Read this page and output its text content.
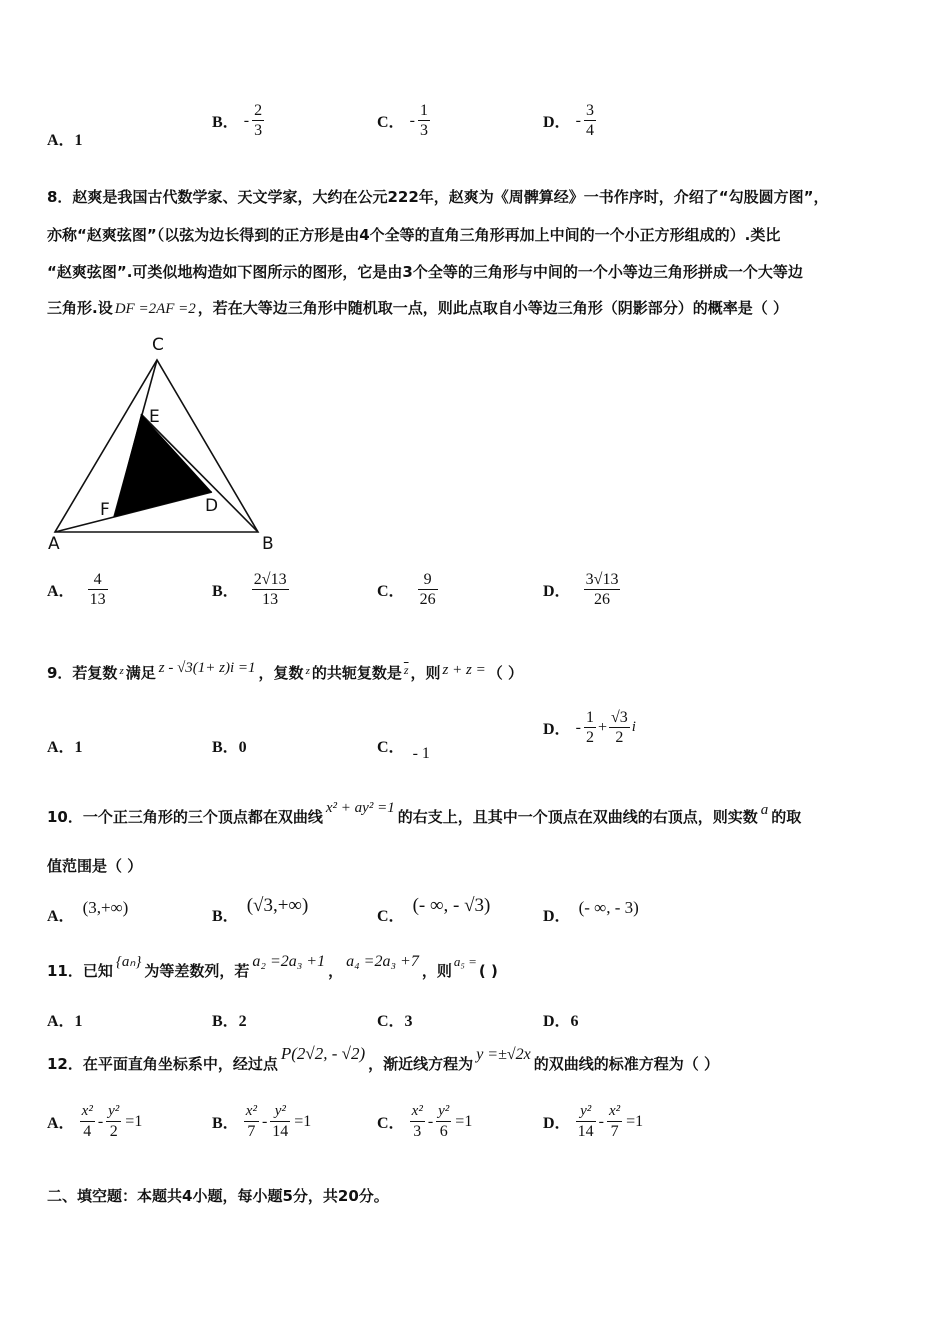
A．1
B． - $\frac{2}{3}$	C． - $\frac{1}{3}$	D． - $\frac{3}{4}$
8．赵爽是我国古代数学家、天文学家，大约在公元222年，赵爽为《周髀算经》一书作序时，介绍了“勾股圆方图”，
亦称“赵爽弦图”（以弦为边长得到的正方形是由4个全等的直角三角形再加上中间的一个小正方形组成的）.类比
“赵爽弦图”.可类似地构造如下图所示的图形，它是由3个全等的三角形与中间的一个小等边三角形拼成一个大等边
三角形.设 DF =2AF =2 ，若在大等边三角形中随机取一点，则此点取自小等边三角形（阴影部分）的概率是（ ）
C
A	B
E
D
F
A． $\frac{4}{13}$	B． $\frac{2√13}{13}$	C． $\frac{9}{26}$	D． $\frac{3√13}{26}$
9．若复数 $^z$ 满足 z - √3(1+ z)i =1 ，复数 $^z$ 的共轭复数是 $^{\overline{z}}$ ，则 z + z = （ ）
A．1	B．0	C． - 1
D． - $\frac{1}{2} + \frac{√3}{2}$ i
10．一个正三角形的三个顶点都在双曲线 x² + ay² =1 的右支上，且其中一个顶点在双曲线的右顶点，则实数 a 的取
值范围是（ ）
A． (3,+∞)	B．(√3,+∞)
C．(- ∞, - √3)
D． (- ∞, - 3)
11．已知 {aₙ} 为等差数列，若a₂ =2a₃ +1，a₄ =2a₃ +7，则a₅ =( )
A．1	B．2	C．3	D．6
12．在平面直角坐标系中，经过点P(2√2, - √2)，渐近线方程为y =±√2x的双曲线的标准方程为（ ）
A． $\frac{\text{x²}}{4} - \frac{\text{y²}}{2} =1$	B． $\frac{\text{x²}}{7} - \frac{\text{y²}}{14} =1$	C． $\frac{\text{x²}}{3} - \frac{\text{y²}}{6} =1$	D． $\frac{\text{y²}}{14} - \frac{\text{x²}}{7} =1$
二、填空题：本题共4小题，每小题5分，共20分。
